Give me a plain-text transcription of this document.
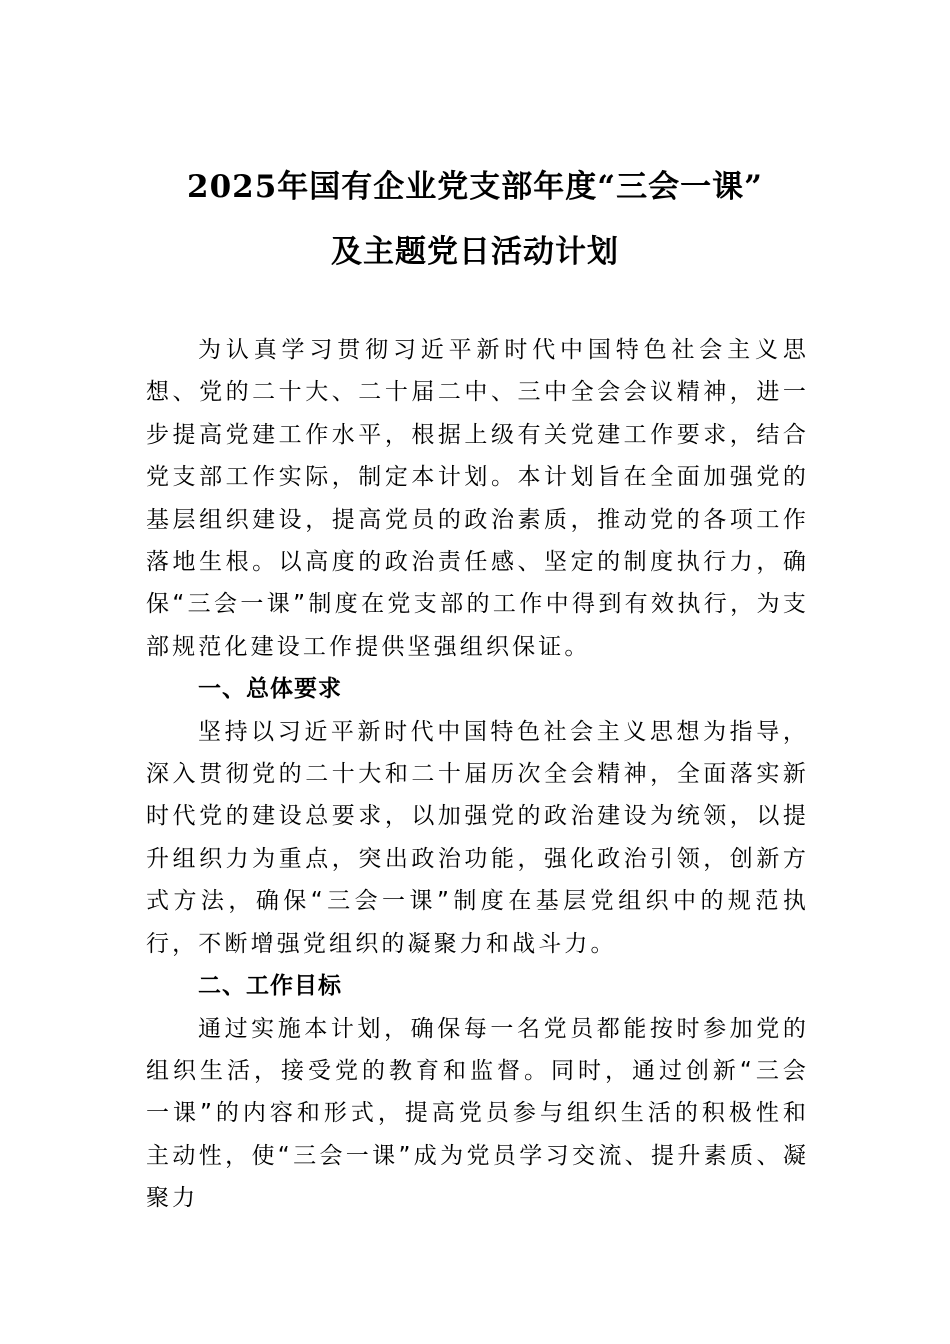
2025年国有企业党支部年度“三会一课”
及主题党日活动计划

为认真学习贯彻习近平新时代中国特色社会主义思想、党的二十大、二十届二中、三中全会会议精神，进一步提高党建工作水平，根据上级有关党建工作要求，结合党支部工作实际，制定本计划。本计划旨在全面加强党的基层组织建设，提高党员的政治素质，推动党的各项工作落地生根。以高度的政治责任感、坚定的制度执行力，确保“三会一课”制度在党支部的工作中得到有效执行，为支部规范化建设工作提供坚强组织保证。

一、总体要求

坚持以习近平新时代中国特色社会主义思想为指导，深入贯彻党的二十大和二十届历次全会精神，全面落实新时代党的建设总要求，以加强党的政治建设为统领，以提升组织力为重点，突出政治功能，强化政治引领，创新方式方法，确保“三会一课”制度在基层党组织中的规范执行，不断增强党组织的凝聚力和战斗力。

二、工作目标

通过实施本计划，确保每一名党员都能按时参加党的组织生活，接受党的教育和监督。同时，通过创新“三会一课”的内容和形式，提高党员参与组织生活的积极性和主动性，使“三会一课”成为党员学习交流、提升素质、凝聚力
